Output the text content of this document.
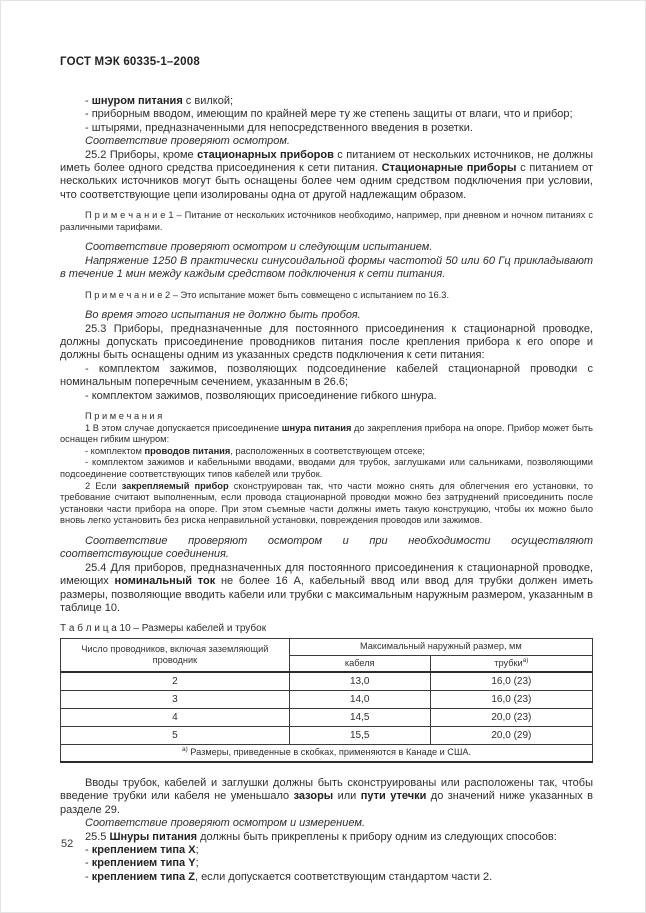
ГОСТ МЭК 60335-1–2008

- шнуром питания с вилкой;

- приборным вводом, имеющим по крайней мере ту же степень защиты от влаги, что и прибор;

- штырями, предназначенными для непосредственного введения в розетки.

Соответствие проверяют осмотром.

25.2 Приборы, кроме стационарных приборов с питанием от нескольких источников, не должны иметь более одного средства присоединения к сети питания. Стационарные приборы с питанием от нескольких источников могут быть оснащены более чем одним средством подключения при условии, что соответствующие цепи изолированы одна от другой надлежащим образом.

П р и м е ч а н и е 1 – Питание от нескольких источников необходимо, например, при дневном и ночном питаниях с различными тарифами.

Соответствие проверяют осмотром и следующим испытанием.

Напряжение 1250 В практически синусоидальной формы частотой 50 или 60 Гц прикладывают в течение 1 мин между каждым средством подключения к сети питания.

П р и м е ч а н и е 2 – Это испытание может быть совмещено с испытанием по 16.3.

Во время этого испытания не должно быть пробоя.

25.3 Приборы, предназначенные для постоянного присоединения к стационарной проводке, должны допускать присоединение проводников питания после крепления прибора к его опоре и должны быть оснащены одним из указанных средств подключения к сети питания:

- комплектом зажимов, позволяющих подсоединение кабелей стационарной проводки с номинальным поперечным сечением, указанным в 26.6;

- комплектом зажимов, позволяющих присоединение гибкого шнура.

П р и м е ч а н и я

1 В этом случае допускается присоединение шнура питания до закрепления прибора на опоре. Прибор может быть оснащен гибким шнуром:

- комплектом проводов питания, расположенных в соответствующем отсеке;

- комплектом зажимов и кабельными вводами, вводами для трубок, заглушками или сальниками, позволяющими подсоединение соответствующих типов кабелей или трубок.

2 Если закрепляемый прибор сконструирован так, что части можно снять для облегчения его установки, то требование считают выполненным, если провода стационарной проводки можно без затруднений присоединить после установки части прибора на опоре. При этом съемные части должны иметь такую конструкцию, чтобы их можно было вновь легко установить без риска неправильной установки, повреждения проводов или зажимов.

Соответствие проверяют осмотром и при необходимости осуществляют соответствующие соединения.

25.4 Для приборов, предназначенных для постоянного присоединения к стационарной проводке, имеющих номинальный ток не более 16 А, кабельный ввод или ввод для трубки должен иметь размеры, позволяющие вводить кабели или трубки с максимальным наружным размером, указанным в таблице 10.

Т а б л и ц а 10 – Размеры кабелей и трубок

Число проводников, включая заземляющий проводник	Максимальный наружный размер, мм	
	кабеля	трубки$^{а)}$
2	13,0	16,0 (23)
3	14,0	16,0 (23)
4	14,5	20,0 (23)
5	15,5	20,0 (29)
$^{а)}$ Размеры, приведенные в скобках, применяются в Канаде и США.		

Вводы трубок, кабелей и заглушки должны быть сконструированы или расположены так, чтобы введение трубки или кабеля не уменьшало зазоры или пути утечки до значений ниже указанных в разделе 29.

Соответствие проверяют осмотром и измерением.

25.5 Шнуры питания должны быть прикреплены к прибору одним из следующих способов:

- креплением типа X;

- креплением типа Y;

- креплением типа Z, если допускается соответствующим стандартом части 2.

52
